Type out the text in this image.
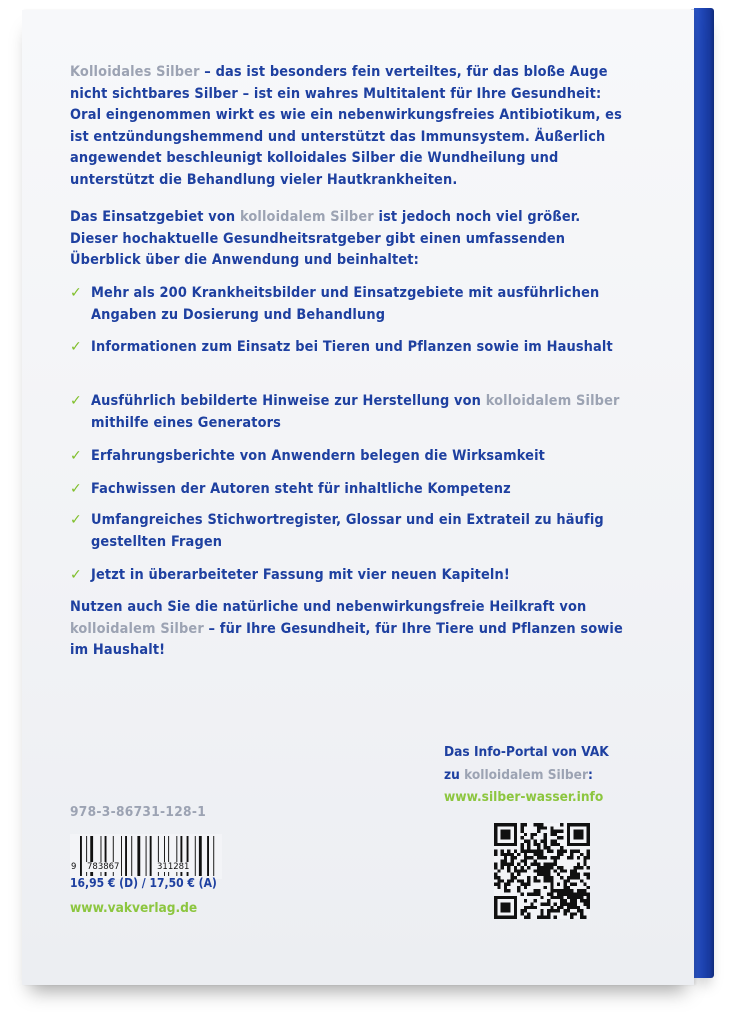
Kolloidales Silber – das ist besonders fein verteiltes, für das bloße Auge nicht sichtbares Silber – ist ein wahres Multitalent für Ihre Gesundheit: Oral eingenommen wirkt es wie ein nebenwirkungsfreies Antibiotikum, es ist entzündungshemmend und unterstützt das Immunsystem. Äußerlich angewendet beschleunigt kolloidales Silber die Wundheilung und unterstützt die Behandlung vieler Hautkrankheiten.

Das Einsatzgebiet von kolloidalem Silber ist jedoch noch viel größer. Dieser hochaktuelle Gesundheitsratgeber gibt einen umfassenden Überblick über die Anwendung und beinhaltet:

✓ Mehr als 200 Krankheitsbilder und Einsatzgebiete mit ausführlichen Angaben zu Dosierung und Behandlung
✓ Informationen zum Einsatz bei Tieren und Pflanzen sowie im Haushalt
✓ Ausführlich bebilderte Hinweise zur Herstellung von kolloidalem Silber mithilfe eines Generators
✓ Erfahrungsberichte von Anwendern belegen die Wirksamkeit
✓ Fachwissen der Autoren steht für inhaltliche Kompetenz
✓ Umfangreiches Stichwortregister, Glossar und ein Extrateil zu häufig gestellten Fragen
✓ Jetzt in überarbeiteter Fassung mit vier neuen Kapiteln!

Nutzen auch Sie die natürliche und nebenwirkungsfreie Heilkraft von kolloidalem Silber – für Ihre Gesundheit, für Ihre Tiere und Pflanzen sowie im Haushalt!

Das Info-Portal von VAK
zu kolloidalem Silber:
www.silber-wasser.info
978-3-86731-128-1
9 783867	311281
16,95 € (D) / 17,50 € (A)
www.vakverlag.de
